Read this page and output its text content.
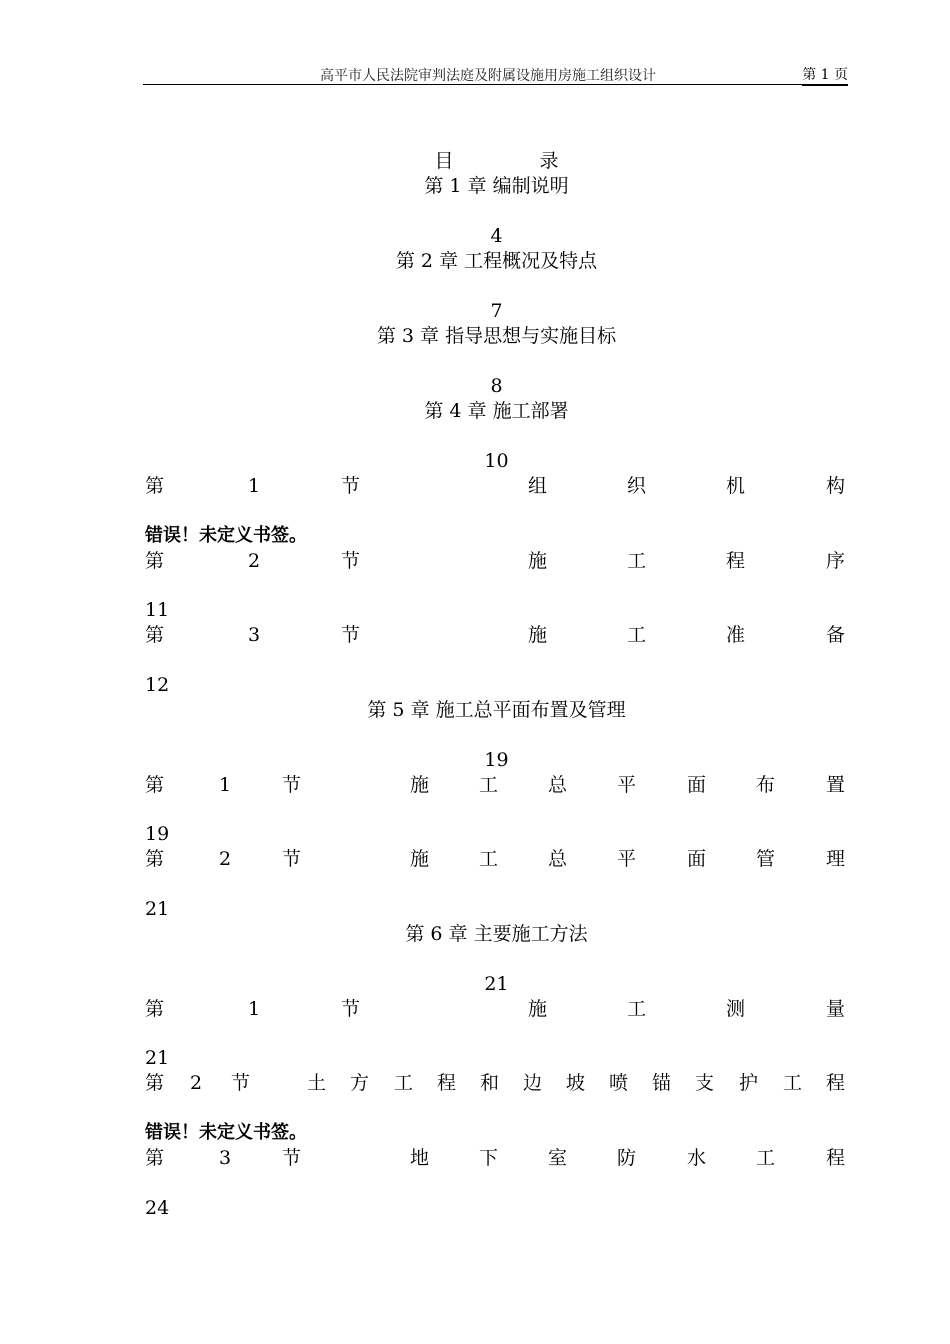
高平市人民法院审判法庭及附属设施用房施工组织设计	第 1 页
目	录
第 1 章 编制说明
4
第 2 章 工程概况及特点
7
第 3 章 指导思想与实施目标
8
第 4 章 施工部署
10
第	1	节	组	织	机	构
错误！未定义书签。
第	2	节	施	工	程	序
11
第	3	节	施	工	准	备
12
第 5 章 施工总平面布置及管理
19
第	1	节	施	工	总	平	面	布	置
19
第	2	节	施	工	总	平	面	管	理
21
第 6 章 主要施工方法
21
第	1	节	施	工	测	量
21
第 2 节	土 方 工 程 和 边 坡 喷 锚 支 护 工 程
错误！未定义书签。
第	3	节	地	下	室	防	水	工	程
24
